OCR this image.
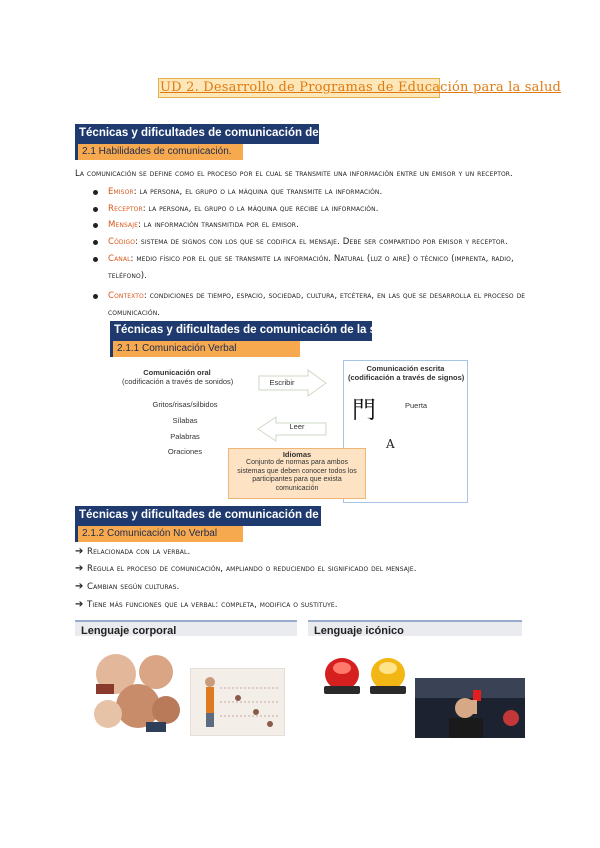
UD 2. Desarrollo de Programas de Educación para la salud
Técnicas y dificultades de comunicación de la salud
2.1 Habilidades de comunicación.
La comunicación se define como el proceso por el cual se transmite una información entre un emisor y un receptor.
Emisor: la persona, el grupo o la máquina que transmite la información.
Receptor: la persona, el grupo o la máquina que recibe la información.
Mensaje: la información transmitida por el emisor.
Código: sistema de signos con los que se codifica el mensaje. Debe ser compartido por emisor y receptor.
Canal: medio físico por el que se transmite la información. Natural (luz o aire) o técnico (imprenta, radio,
teléfono).
Contexto: condiciones de tiempo, espacio, sociedad, cultura, etcétera, en las que se desarrolla el proceso de
comunicación.
Técnicas y dificultades de comunicación de la salud
2.1.1 Comunicación Verbal
Comunicación oral
(codificación a través de sonidos)
Gritos/risas/silbidos
Sílabas
Palabras
Oraciones
Escribir
Leer
Comunicación escrita
(codificación a través de signos)
門	Puerta
A
Idiomas
Conjunto de normas para ambos sistemas que deben conocer todos los participantes para que exista comunicación
Técnicas y dificultades de comunicación de la salud
2.1.2 Comunicación No Verbal
➔ Relacionada con la verbal.
➔ Regula el proceso de comunicación, ampliando o reduciendo el significado del mensaje.
➔ Cambian según culturas.
➔ Tiene más funciones que la verbal: completa, modifica o sustituye.
Lenguaje corporal	Lenguaje icónico
